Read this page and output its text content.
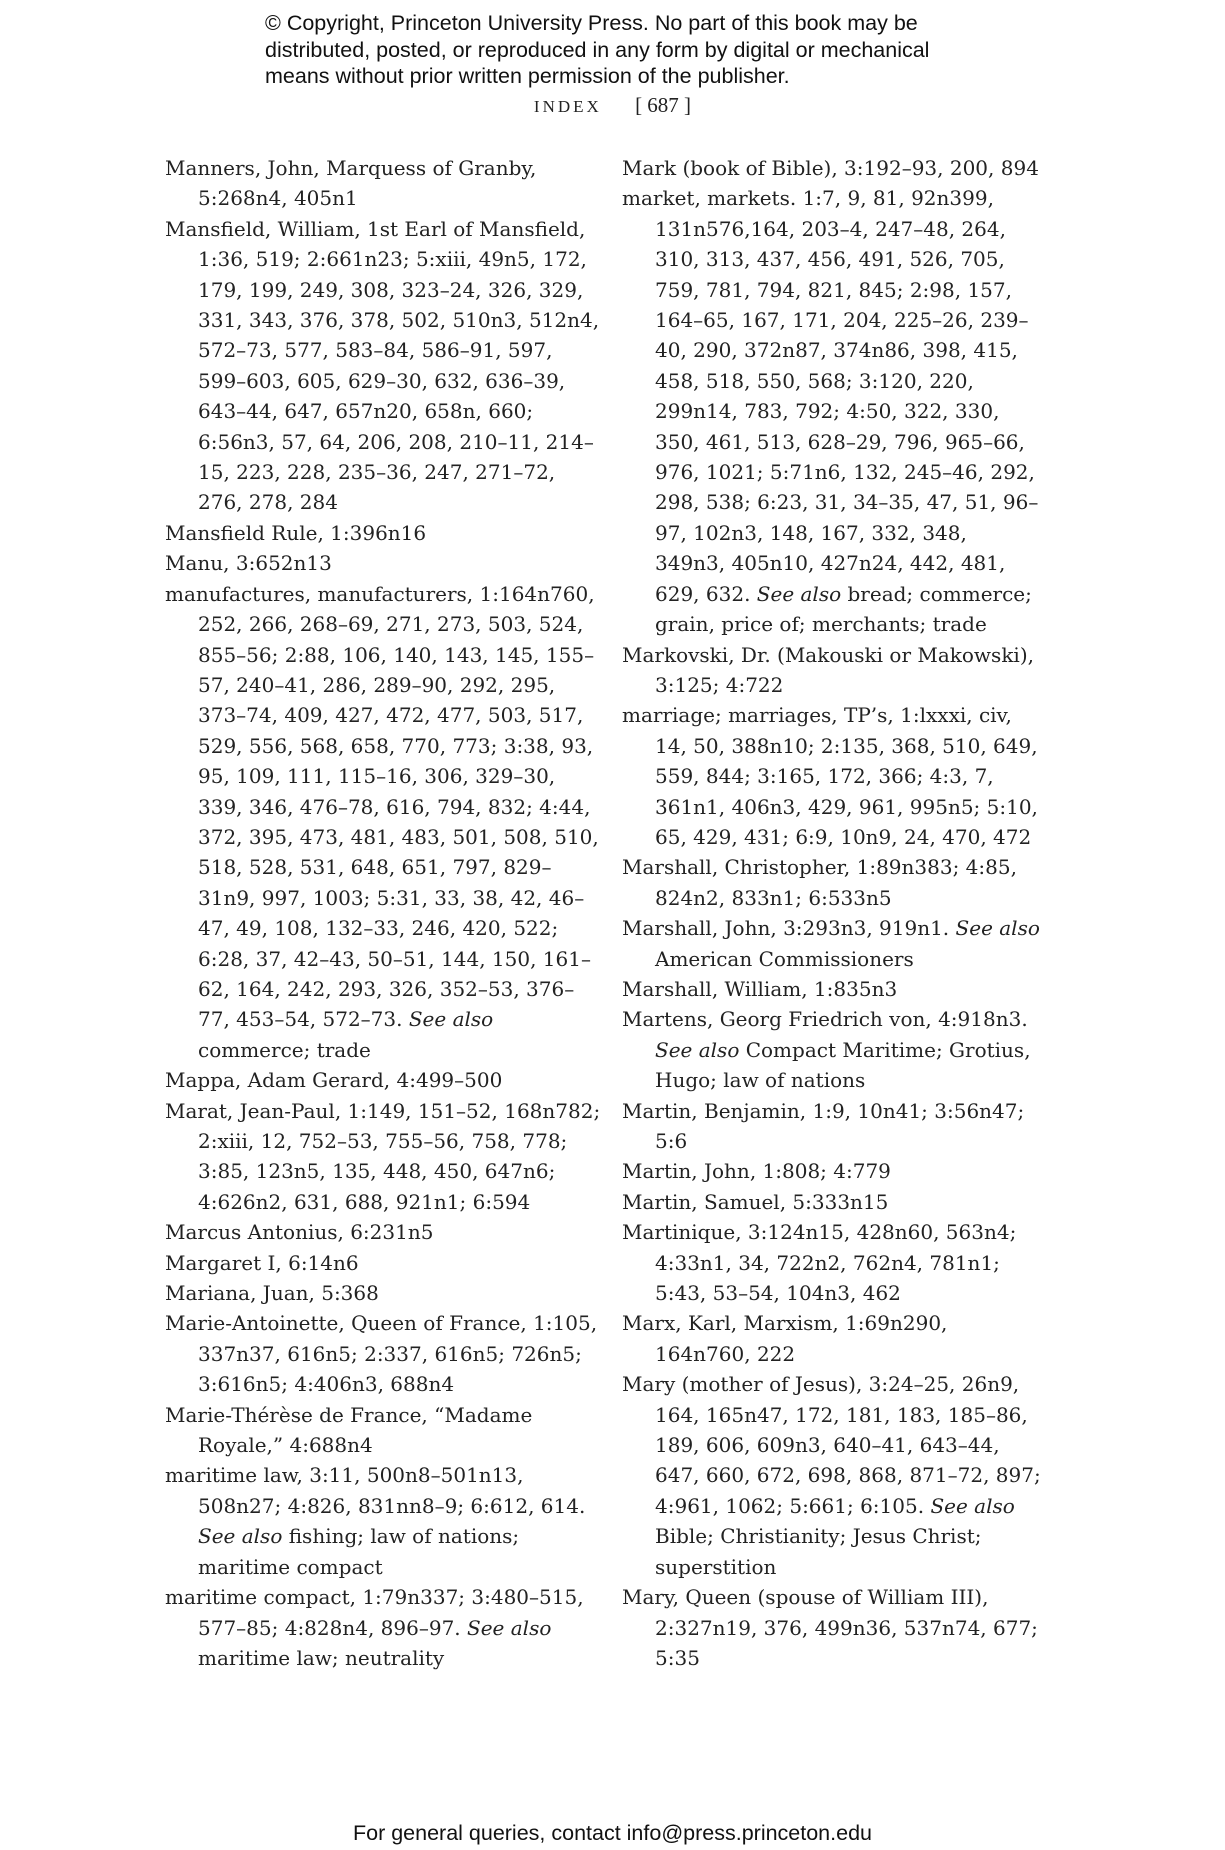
© Copyright, Princeton University Press. No part of this book may be
distributed, posted, or reproduced in any form by digital or mechanical
means without prior written permission of the publisher.
INDEX [ 687 ]
Manners, John, Marquess of Granby, 5:268n4, 405n1
Mansfield, William, 1st Earl of Mansfield, 1:36, 519; 2:661n23; 5:xiii, 49n5, 172, 179, 199, 249, 308, 323–24, 326, 329, 331, 343, 376, 378, 502, 510n3, 512n4, 572–73, 577, 583–84, 586–91, 597, 599–603, 605, 629–30, 632, 636–39, 643–44, 647, 657n20, 658n, 660; 6:56n3, 57, 64, 206, 208, 210–11, 214–15, 223, 228, 235–36, 247, 271–72, 276, 278, 284
Mansfield Rule, 1:396n16
Manu, 3:652n13
manufactures, manufacturers, 1:164n760, 252, 266, 268–69, 271, 273, 503, 524, 855–56; 2:88, 106, 140, 143, 145, 155–57, 240–41, 286, 289–90, 292, 295, 373–74, 409, 427, 472, 477, 503, 517, 529, 556, 568, 658, 770, 773; 3:38, 93, 95, 109, 111, 115–16, 306, 329–30, 339, 346, 476–78, 616, 794, 832; 4:44, 372, 395, 473, 481, 483, 501, 508, 510, 518, 528, 531, 648, 651, 797, 829–31n9, 997, 1003; 5:31, 33, 38, 42, 46–47, 49, 108, 132–33, 246, 420, 522; 6:28, 37, 42–43, 50–51, 144, 150, 161–62, 164, 242, 293, 326, 352–53, 376–77, 453–54, 572–73. See also commerce; trade
Mappa, Adam Gerard, 4:499–500
Marat, Jean-Paul, 1:149, 151–52, 168n782; 2:xiii, 12, 752–53, 755–56, 758, 778; 3:85, 123n5, 135, 448, 450, 647n6; 4:626n2, 631, 688, 921n1; 6:594
Marcus Antonius, 6:231n5
Margaret I, 6:14n6
Mariana, Juan, 5:368
Marie-Antoinette, Queen of France, 1:105, 337n37, 616n5; 2:337, 616n5; 726n5; 3:616n5; 4:406n3, 688n4
Marie-Thérèse de France, “Madame Royale,” 4:688n4
maritime law, 3:11, 500n8–501n13, 508n27; 4:826, 831nn8–9; 6:612, 614. See also fishing; law of nations; maritime compact
maritime compact, 1:79n337; 3:480–515, 577–85; 4:828n4, 896–97. See also maritime law; neutrality
Mark (book of Bible), 3:192–93, 200, 894
market, markets. 1:7, 9, 81, 92n399, 131n576,164, 203–4, 247–48, 264, 310, 313, 437, 456, 491, 526, 705, 759, 781, 794, 821, 845; 2:98, 157, 164–65, 167, 171, 204, 225–26, 239–40, 290, 372n87, 374n86, 398, 415, 458, 518, 550, 568; 3:120, 220, 299n14, 783, 792; 4:50, 322, 330, 350, 461, 513, 628–29, 796, 965–66, 976, 1021; 5:71n6, 132, 245–46, 292, 298, 538; 6:23, 31, 34–35, 47, 51, 96–97, 102n3, 148, 167, 332, 348, 349n3, 405n10, 427n24, 442, 481, 629, 632. See also bread; commerce; grain, price of; merchants; trade
Markovski, Dr. (Makouski or Makowski), 3:125; 4:722
marriage; marriages, TP’s, 1:lxxxi, civ, 14, 50, 388n10; 2:135, 368, 510, 649, 559, 844; 3:165, 172, 366; 4:3, 7, 361n1, 406n3, 429, 961, 995n5; 5:10, 65, 429, 431; 6:9, 10n9, 24, 470, 472
Marshall, Christopher, 1:89n383; 4:85, 824n2, 833n1; 6:533n5
Marshall, John, 3:293n3, 919n1. See also American Commissioners
Marshall, William, 1:835n3
Martens, Georg Friedrich von, 4:918n3. See also Compact Maritime; Grotius, Hugo; law of nations
Martin, Benjamin, 1:9, 10n41; 3:56n47; 5:6
Martin, John, 1:808; 4:779
Martin, Samuel, 5:333n15
Martinique, 3:124n15, 428n60, 563n4; 4:33n1, 34, 722n2, 762n4, 781n1; 5:43, 53–54, 104n3, 462
Marx, Karl, Marxism, 1:69n290, 164n760, 222
Mary (mother of Jesus), 3:24–25, 26n9, 164, 165n47, 172, 181, 183, 185–86, 189, 606, 609n3, 640–41, 643–44, 647, 660, 672, 698, 868, 871–72, 897; 4:961, 1062; 5:661; 6:105. See also Bible; Christianity; Jesus Christ; superstition
Mary, Queen (spouse of William III), 2:327n19, 376, 499n36, 537n74, 677; 5:35
For general queries, contact info@press.princeton.edu
